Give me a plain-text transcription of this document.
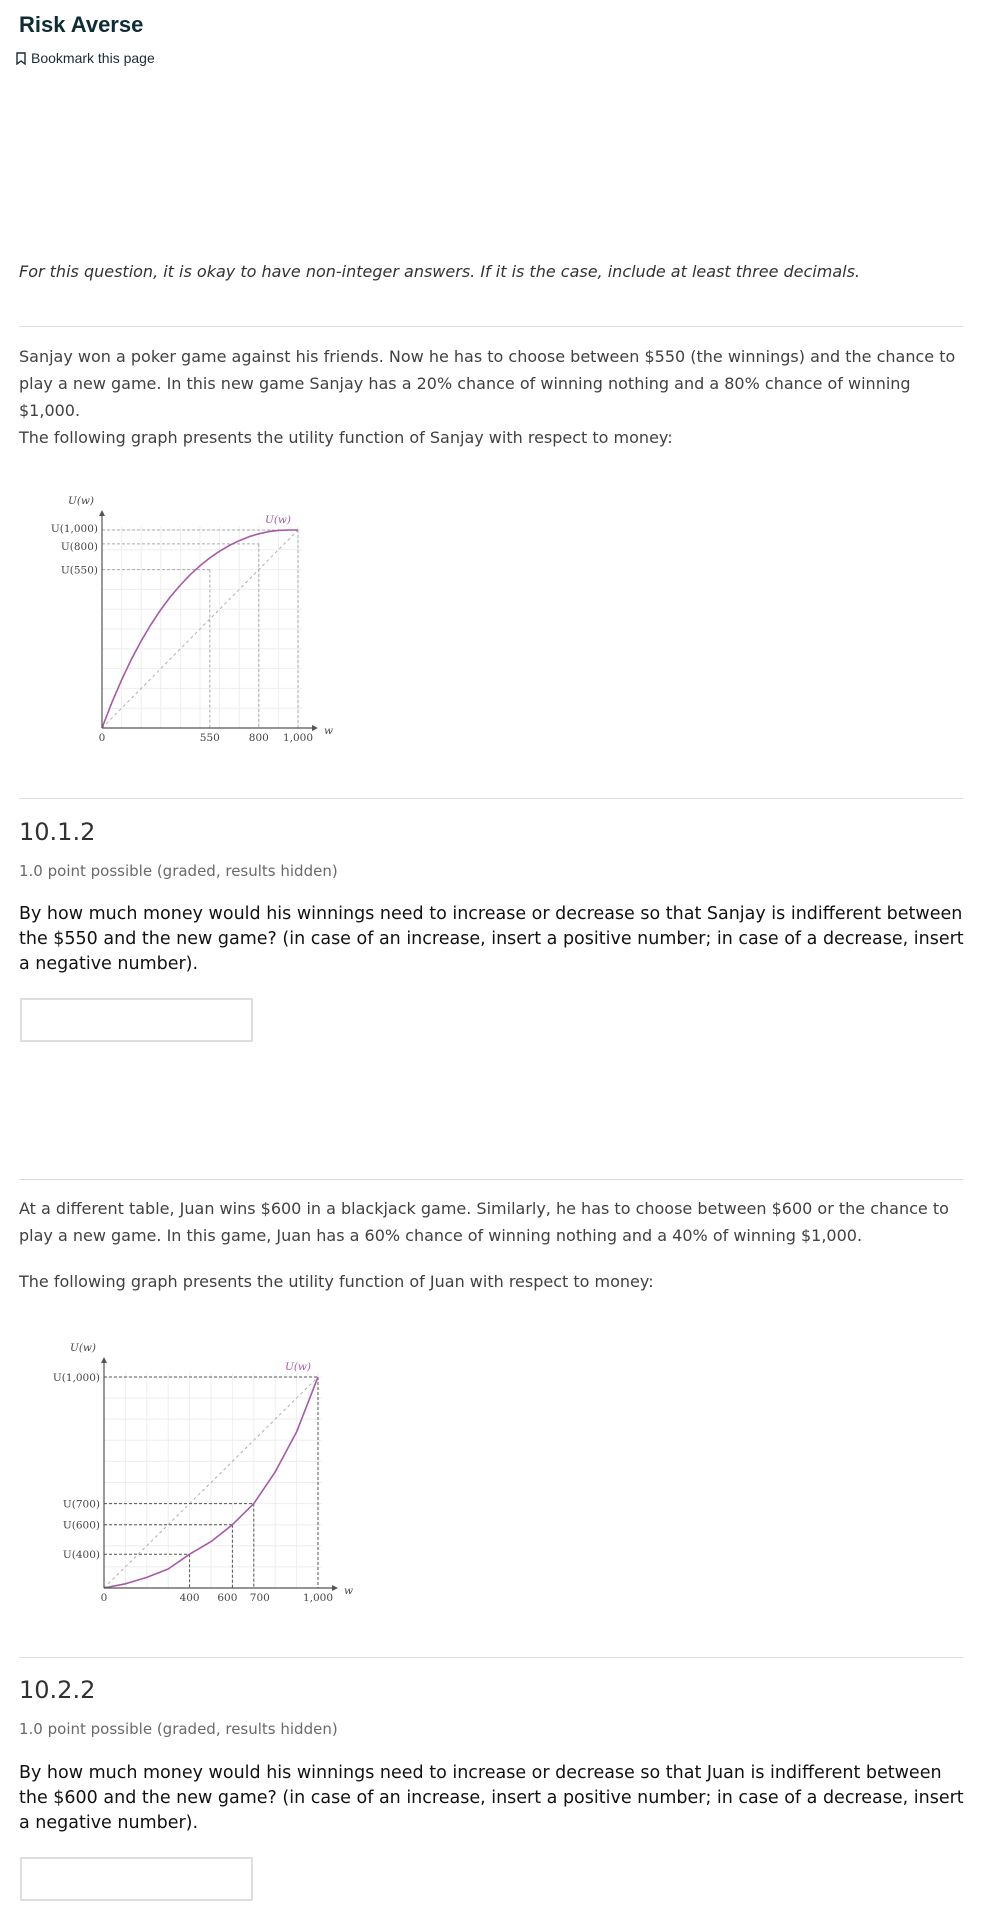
Risk Averse
Bookmark this page

For this question, it is okay to have non-integer answers. If it is the case, include at least three decimals.

Sanjay won a poker game against his friends. Now he has to choose between $550 (the winnings) and the chance to play a new game. In this new game Sanjay has a 20% chance of winning nothing and a 80% chance of winning $1,000.

The following graph presents the utility function of Sanjay with respect to money:

U(w)
w
0	550	800 1,000
U(1,000)
U(800)
U(550)
U(w)
10.1.2

1.0 point possible (graded, results hidden)

By how much money would his winnings need to increase or decrease so that Sanjay is indifferent between the $550 and the new game? (in case of an increase, insert a positive number; in case of a decrease, insert a negative number).

At a different table, Juan wins $600 in a blackjack game. Similarly, he has to choose between $600 or the chance to play a new game. In this game, Juan has a 60% chance of winning nothing and a 40% of winning $1,000.

The following graph presents the utility function of Juan with respect to money:

U(w)
w
0	400 600 700	1,000
U(1,000)
U(700)
U(600)
U(400)
U(w)
10.2.2

1.0 point possible (graded, results hidden)

By how much money would his winnings need to increase or decrease so that Juan is indifferent between the $600 and the new game? (in case of an increase, insert a positive number; in case of a decrease, insert a negative number).
